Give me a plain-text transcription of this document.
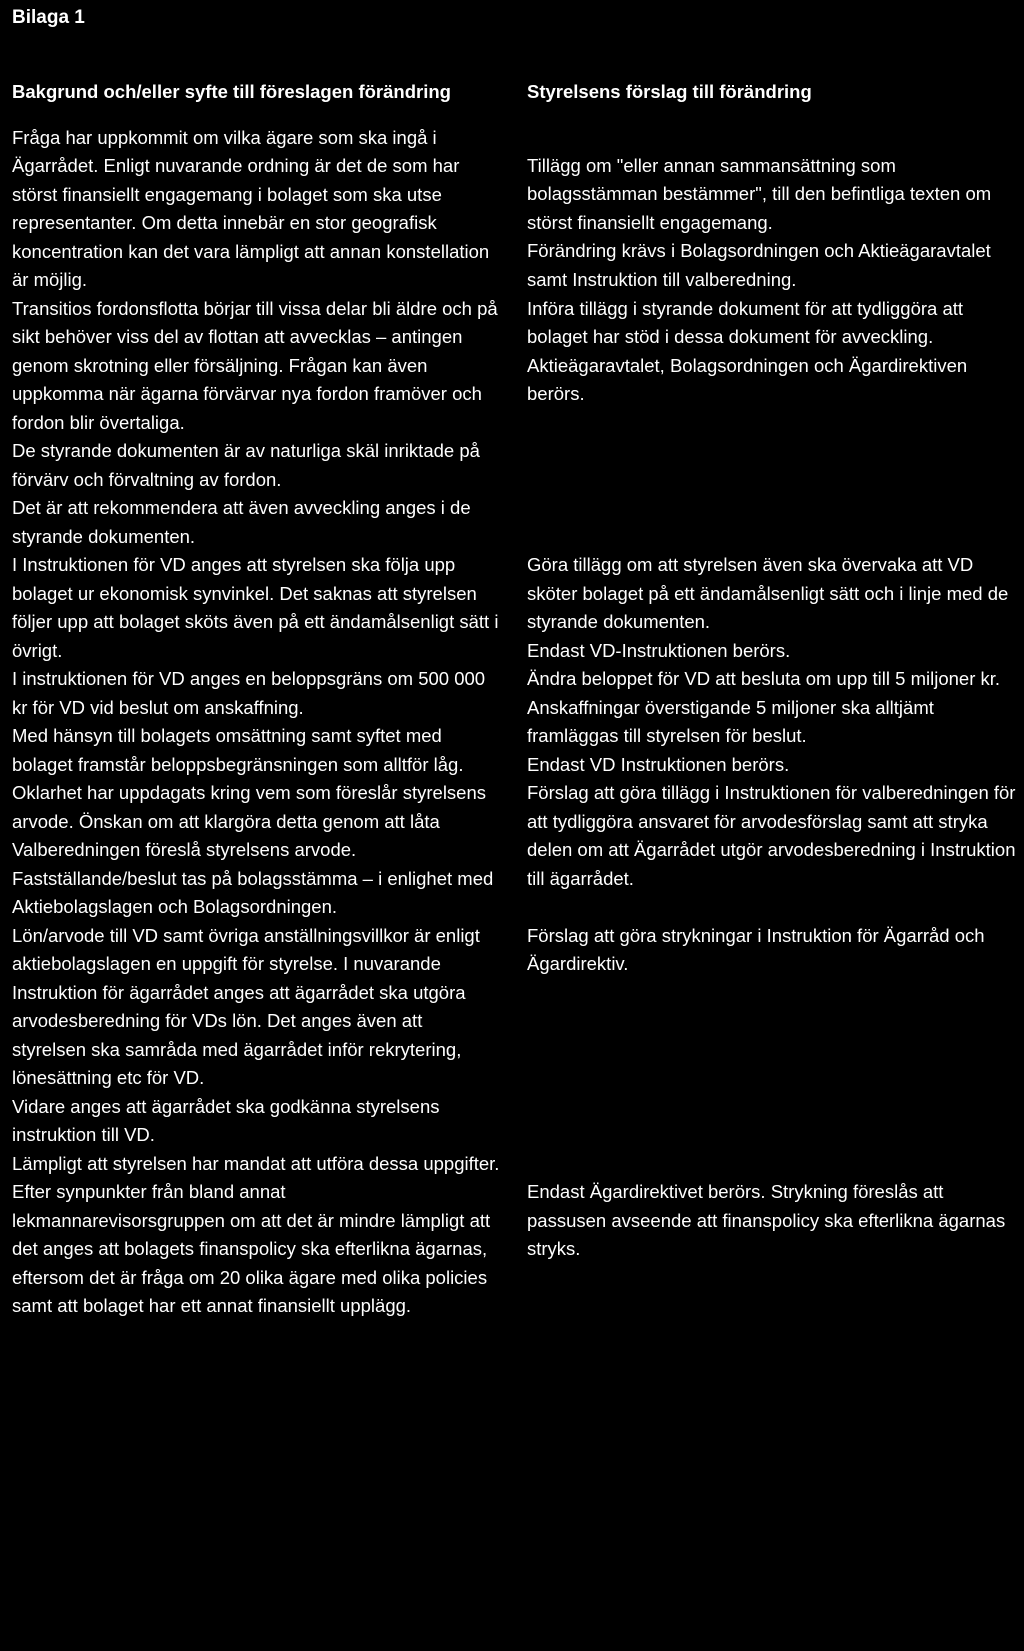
Bilaga 1
Bakgrund och/eller syfte till föreslagen förändring

Fråga har uppkommit om vilka ägare som ska ingå i Ägarrådet. Enligt nuvarande ordning är det de som har störst finansiellt engagemang i bolaget som ska utse representanter. Om detta innebär en stor geografisk koncentration kan det vara lämpligt att annan konstellation är möjlig.

Transitios fordonsflotta börjar till vissa delar bli äldre och på sikt behöver viss del av flottan att avvecklas – antingen genom skrotning eller försäljning. Frågan kan även uppkomma när ägarna förvärvar nya fordon framöver och fordon blir övertaliga.

De styrande dokumenten är av naturliga skäl inriktade på förvärv och förvaltning av fordon.

Det är att rekommendera att även avveckling anges i de styrande dokumenten.

I Instruktionen för VD anges att styrelsen ska följa upp bolaget ur ekonomisk synvinkel. Det saknas att styrelsen följer upp att bolaget sköts även på ett ändamålsenligt sätt i övrigt.

I instruktionen för VD anges en beloppsgräns om 500 000 kr för VD vid beslut om anskaffning.

Med hänsyn till bolagets omsättning samt syftet med bolaget framstår beloppsbegränsningen som alltför låg.

Oklarhet har uppdagats kring vem som föreslår styrelsens arvode. Önskan om att klargöra detta genom att låta Valberedningen föreslå styrelsens arvode. Fastställande/beslut tas på bolagsstämma – i enlighet med Aktiebolagslagen och Bolagsordningen.

Lön/arvode till VD samt övriga anställningsvillkor är enligt aktiebolagslagen en uppgift för styrelse. I nuvarande Instruktion för ägarrådet anges att ägarrådet ska utgöra arvodesberedning för VDs lön. Det anges även att styrelsen ska samråda med ägarrådet inför rekrytering, lönesättning etc för VD.

Vidare anges att ägarrådet ska godkänna styrelsens instruktion till VD.

Lämpligt att styrelsen har mandat att utföra dessa uppgifter.

Efter synpunkter från bland annat lekmannarevisorsgruppen om att det är mindre lämpligt att det anges att bolagets finanspolicy ska efterlikna ägarnas, eftersom det är fråga om 20 olika ägare med olika policies samt att bolaget har ett annat finansiellt upplägg.

Styrelsens förslag till förändring

Tillägg om "eller annan sammansättning som bolagsstämman bestämmer", till den befintliga texten om störst finansiellt engagemang.

Förändring krävs i Bolagsordningen och Aktieägaravtalet samt Instruktion till valberedning.

Införa tillägg i styrande dokument för att tydliggöra att bolaget har stöd i dessa dokument för avveckling.

Aktieägaravtalet, Bolagsordningen och Ägardirektiven berörs.

Göra tillägg om att styrelsen även ska övervaka att VD sköter bolaget på ett ändamålsenligt sätt och i linje med de styrande dokumenten.

Endast VD-Instruktionen berörs.

Ändra beloppet för VD att besluta om upp till 5 miljoner kr. Anskaffningar överstigande 5 miljoner ska alltjämt framläggas till styrelsen för beslut.

Endast VD Instruktionen berörs.

Förslag att göra tillägg i Instruktionen för valberedningen för att tydliggöra ansvaret för arvodesförslag samt att stryka delen om att Ägarrådet utgör arvodesberedning i Instruktion till ägarrådet.

Förslag att göra strykningar i Instruktion för Ägarråd och Ägardirektiv.

Endast Ägardirektivet berörs. Strykning föreslås att passusen avseende att finanspolicy ska efterlikna ägarnas stryks.
